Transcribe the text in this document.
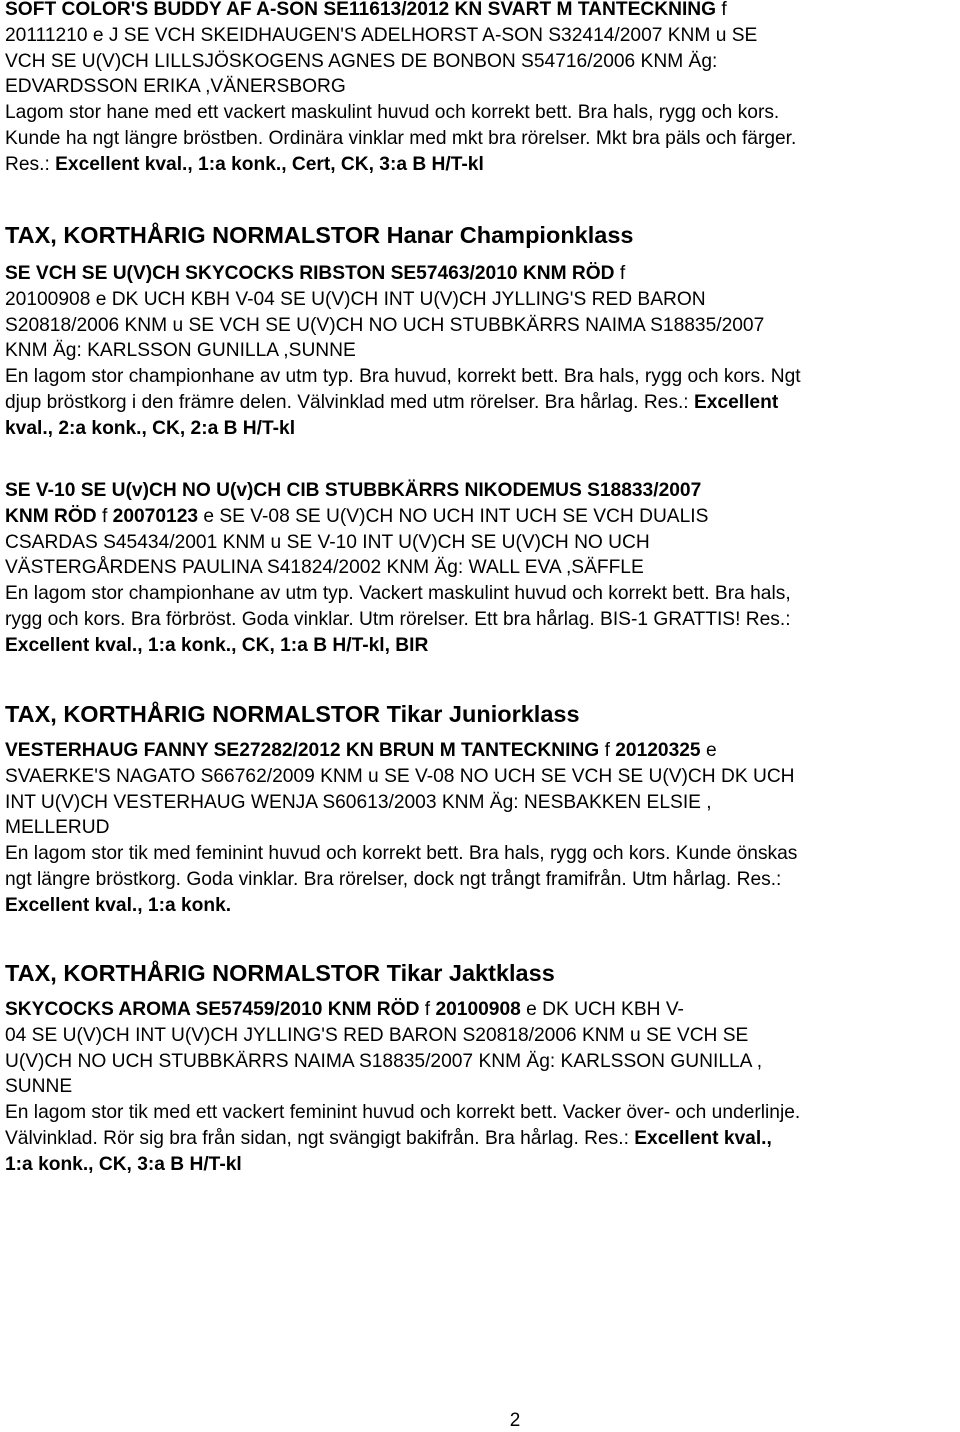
SOFT COLOR'S BUDDY AF A-SON SE11613/2012 KN SVART M TANTECKNING f

20111210 e J SE VCH SKEIDHAUGEN'S ADELHORST A-SON S32414/2007 KNM u SE

VCH SE U(V)CH LILLSJÖSKOGENS AGNES DE BONBON S54716/2006 KNM Äg:

EDVARDSSON ERIKA ,VÄNERSBORG

Lagom stor hane med ett vackert maskulint huvud och korrekt bett. Bra hals, rygg och kors.

Kunde ha ngt längre bröstben. Ordinära vinklar med mkt bra rörelser. Mkt bra päls och färger.

Res.: Excellent kval., 1:a konk., Cert, CK, 3:a B H/T-kl

TAX, KORTHÅRIG NORMALSTOR Hanar Championklass

SE VCH SE U(V)CH SKYCOCKS RIBSTON SE57463/2010 KNM RÖD f

20100908 e DK UCH KBH V-04 SE U(V)CH INT U(V)CH JYLLING'S RED BARON

S20818/2006 KNM u SE VCH SE U(V)CH NO UCH STUBBKÄRRS NAIMA S18835/2007

KNM Äg: KARLSSON GUNILLA ,SUNNE

En lagom stor championhane av utm typ. Bra huvud, korrekt bett. Bra hals, rygg och kors. Ngt

djup bröstkorg i den främre delen. Välvinklad med utm rörelser. Bra hårlag. Res.: Excellent

kval., 2:a konk., CK, 2:a B H/T-kl

SE V-10 SE U(v)CH NO U(v)CH CIB STUBBKÄRRS NIKODEMUS S18833/2007

KNM RÖD f 20070123 e SE V-08 SE U(V)CH NO UCH INT UCH SE VCH DUALIS

CSARDAS S45434/2001 KNM u SE V-10 INT U(V)CH SE U(V)CH NO UCH

VÄSTERGÅRDENS PAULINA S41824/2002 KNM Äg: WALL EVA ,SÄFFLE

En lagom stor championhane av utm typ. Vackert maskulint huvud och korrekt bett. Bra hals,

rygg och kors. Bra förbröst. Goda vinklar. Utm rörelser. Ett bra hårlag. BIS-1 GRATTIS! Res.:

Excellent kval., 1:a konk., CK, 1:a B H/T-kl, BIR

TAX, KORTHÅRIG NORMALSTOR Tikar Juniorklass

VESTERHAUG FANNY SE27282/2012 KN BRUN M TANTECKNING f 20120325 e

SVAERKE'S NAGATO S66762/2009 KNM u SE V-08 NO UCH SE VCH SE U(V)CH DK UCH

INT U(V)CH VESTERHAUG WENJA S60613/2003 KNM Äg: NESBAKKEN ELSIE ,

MELLERUD

En lagom stor tik med feminint huvud och korrekt bett. Bra hals, rygg och kors. Kunde önskas

ngt längre bröstkorg. Goda vinklar. Bra rörelser, dock ngt trångt framifrån. Utm hårlag. Res.:

Excellent kval., 1:a konk.

TAX, KORTHÅRIG NORMALSTOR Tikar Jaktklass

SKYCOCKS AROMA SE57459/2010 KNM RÖD f 20100908 e DK UCH KBH V-

04 SE U(V)CH INT U(V)CH JYLLING'S RED BARON S20818/2006 KNM u SE VCH SE

U(V)CH NO UCH STUBBKÄRRS NAIMA S18835/2007 KNM Äg: KARLSSON GUNILLA ,

SUNNE

En lagom stor tik med ett vackert feminint huvud och korrekt bett. Vacker över- och underlinje.

Välvinklad. Rör sig bra från sidan, ngt svängigt bakifrån. Bra hårlag. Res.: Excellent kval.,

1:a konk., CK, 3:a B H/T-kl

2
